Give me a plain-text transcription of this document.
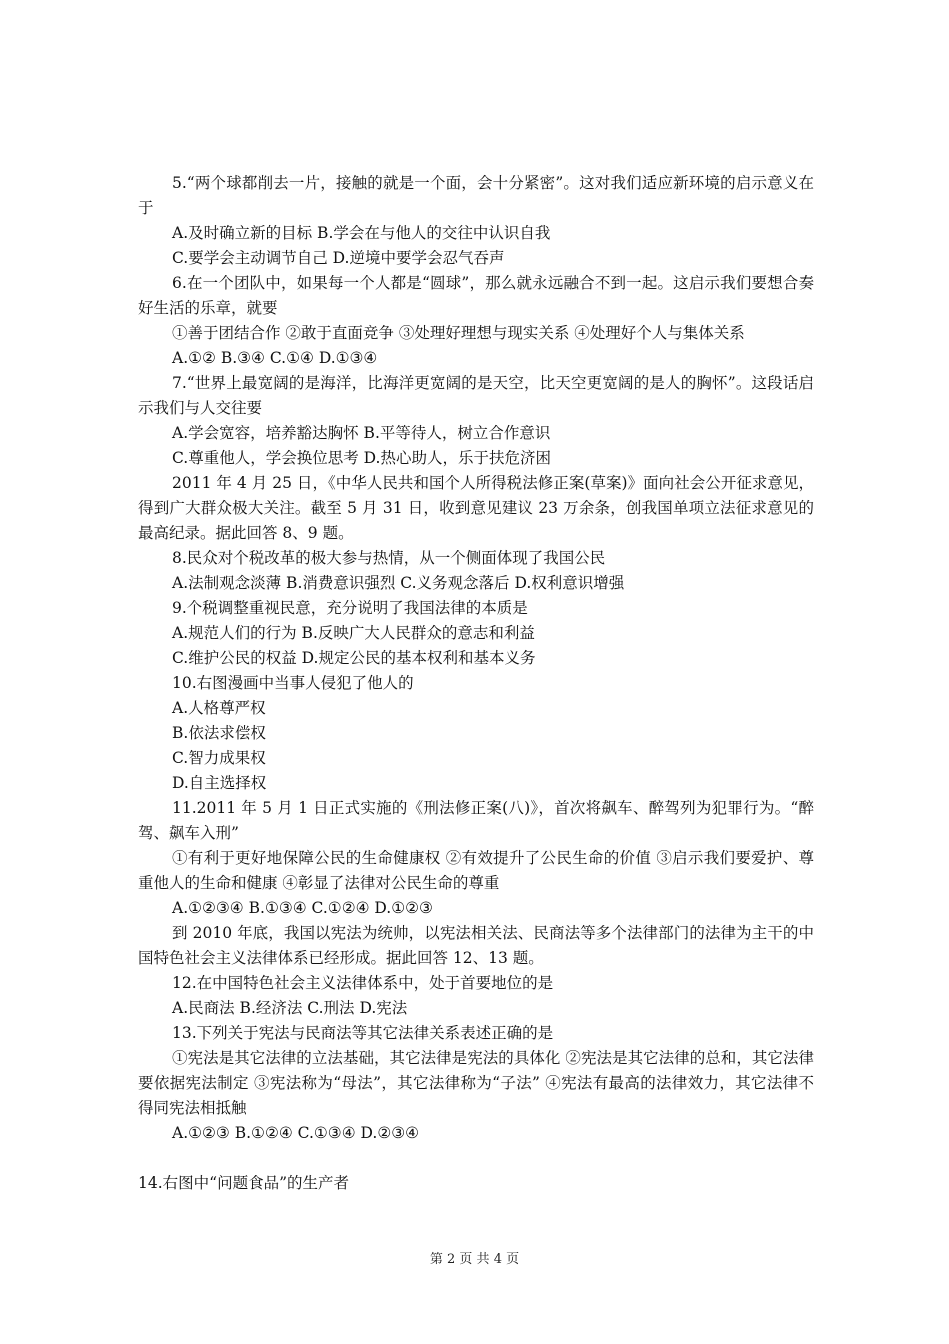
5.“两个球都削去一片，接触的就是一个面，会十分紧密”。这对我们适应新环境的启示意义在于

A.及时确立新的目标 B.学会在与他人的交往中认识自我

C.要学会主动调节自己 D.逆境中要学会忍气吞声

6.在一个团队中，如果每一个人都是“圆球”，那么就永远融合不到一起。这启示我们要想合奏好生活的乐章，就要

①善于团结合作 ②敢于直面竞争 ③处理好理想与现实关系 ④处理好个人与集体关系

A.①② B.③④ C.①④ D.①③④

7.“世界上最宽阔的是海洋，比海洋更宽阔的是天空，比天空更宽阔的是人的胸怀”。这段话启示我们与人交往要

A.学会宽容，培养豁达胸怀 B.平等待人，树立合作意识

C.尊重他人，学会换位思考 D.热心助人，乐于扶危济困

2011 年 4 月 25 日，《中华人民共和国个人所得税法修正案(草案)》面向社会公开征求意见，得到广大群众极大关注。截至 5 月 31 日，收到意见建议 23 万余条，创我国单项立法征求意见的最高纪录。据此回答 8、9 题。

8.民众对个税改革的极大参与热情，从一个侧面体现了我国公民

A.法制观念淡薄 B.消费意识强烈 C.义务观念落后 D.权利意识增强

9.个税调整重视民意，充分说明了我国法律的本质是

A.规范人们的行为 B.反映广大人民群众的意志和利益

C.维护公民的权益 D.规定公民的基本权利和基本义务

10.右图漫画中当事人侵犯了他人的

A.人格尊严权

B.依法求偿权

C.智力成果权

D.自主选择权

11.2011 年 5 月 1 日正式实施的《刑法修正案(八)》，首次将飙车、醉驾列为犯罪行为。“醉驾、飙车入刑”

①有利于更好地保障公民的生命健康权 ②有效提升了公民生命的价值 ③启示我们要爱护、尊重他人的生命和健康 ④彰显了法律对公民生命的尊重

A.①②③④ B.①③④ C.①②④ D.①②③

到 2010 年底，我国以宪法为统帅，以宪法相关法、民商法等多个法律部门的法律为主干的中国特色社会主义法律体系已经形成。据此回答 12、13 题。

12.在中国特色社会主义法律体系中，处于首要地位的是

A.民商法 B.经济法 C.刑法 D.宪法

13.下列关于宪法与民商法等其它法律关系表述正确的是

①宪法是其它法律的立法基础，其它法律是宪法的具体化 ②宪法是其它法律的总和，其它法律要依据宪法制定 ③宪法称为“母法”，其它法律称为“子法” ④宪法有最高的法律效力，其它法律不得同宪法相抵触

A.①②③ B.①②④ C.①③④ D.②③④

14.右图中“问题食品”的生产者

第 2 页 共 4 页
